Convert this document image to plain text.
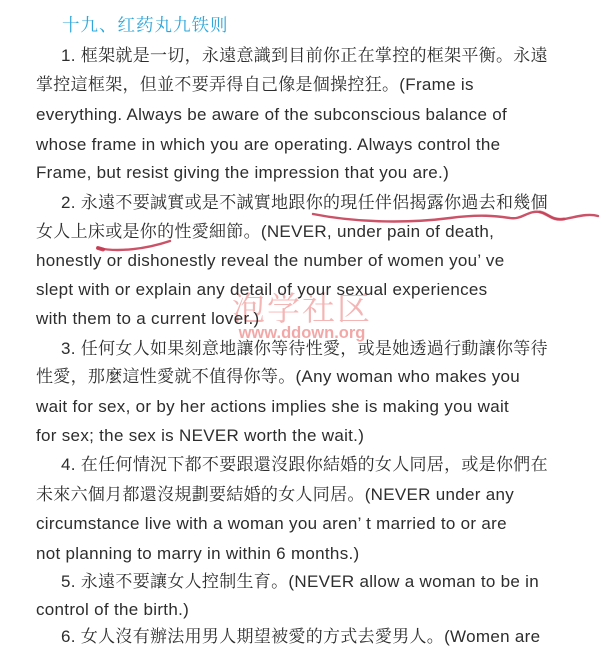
泡学社区
www.ddown.org
十九、红药丸九铁则
1. 框架就是一切，永遠意識到目前你正在掌控的框架平衡。永遠
掌控這框架，但並不要弄得自己像是個操控狂。(Frame is
everything. Always be aware of the subconscious balance of
whose frame in which you are operating. Always control the
Frame, but resist giving the impression that you are.)
2. 永遠不要誠實或是不誠實地跟你的現任伴侶揭露你過去和幾個
女人上床或是你的性愛細節。(NEVER, under pain of death,
honestly or dishonestly reveal the number of women you’ ve
slept with or explain any detail of your sexual experiences
with them to a current lover.)
3. 任何女人如果刻意地讓你等待性愛，或是她透過行動讓你等待
性愛，那麼這性愛就不值得你等。(Any woman who makes you
wait for sex, or by her actions implies she is making you wait
for sex; the sex is NEVER worth the wait.)
4. 在任何情況下都不要跟還沒跟你結婚的女人同居，或是你們在
未來六個月都還沒規劃要結婚的女人同居。(NEVER under any
circumstance live with a woman you aren’ t married to or are
not planning to marry in within 6 months.)
5. 永遠不要讓女人控制生育。(NEVER allow a woman to be in
control of the birth.)
6. 女人沒有辦法用男人期望被愛的方式去愛男人。(Women are
